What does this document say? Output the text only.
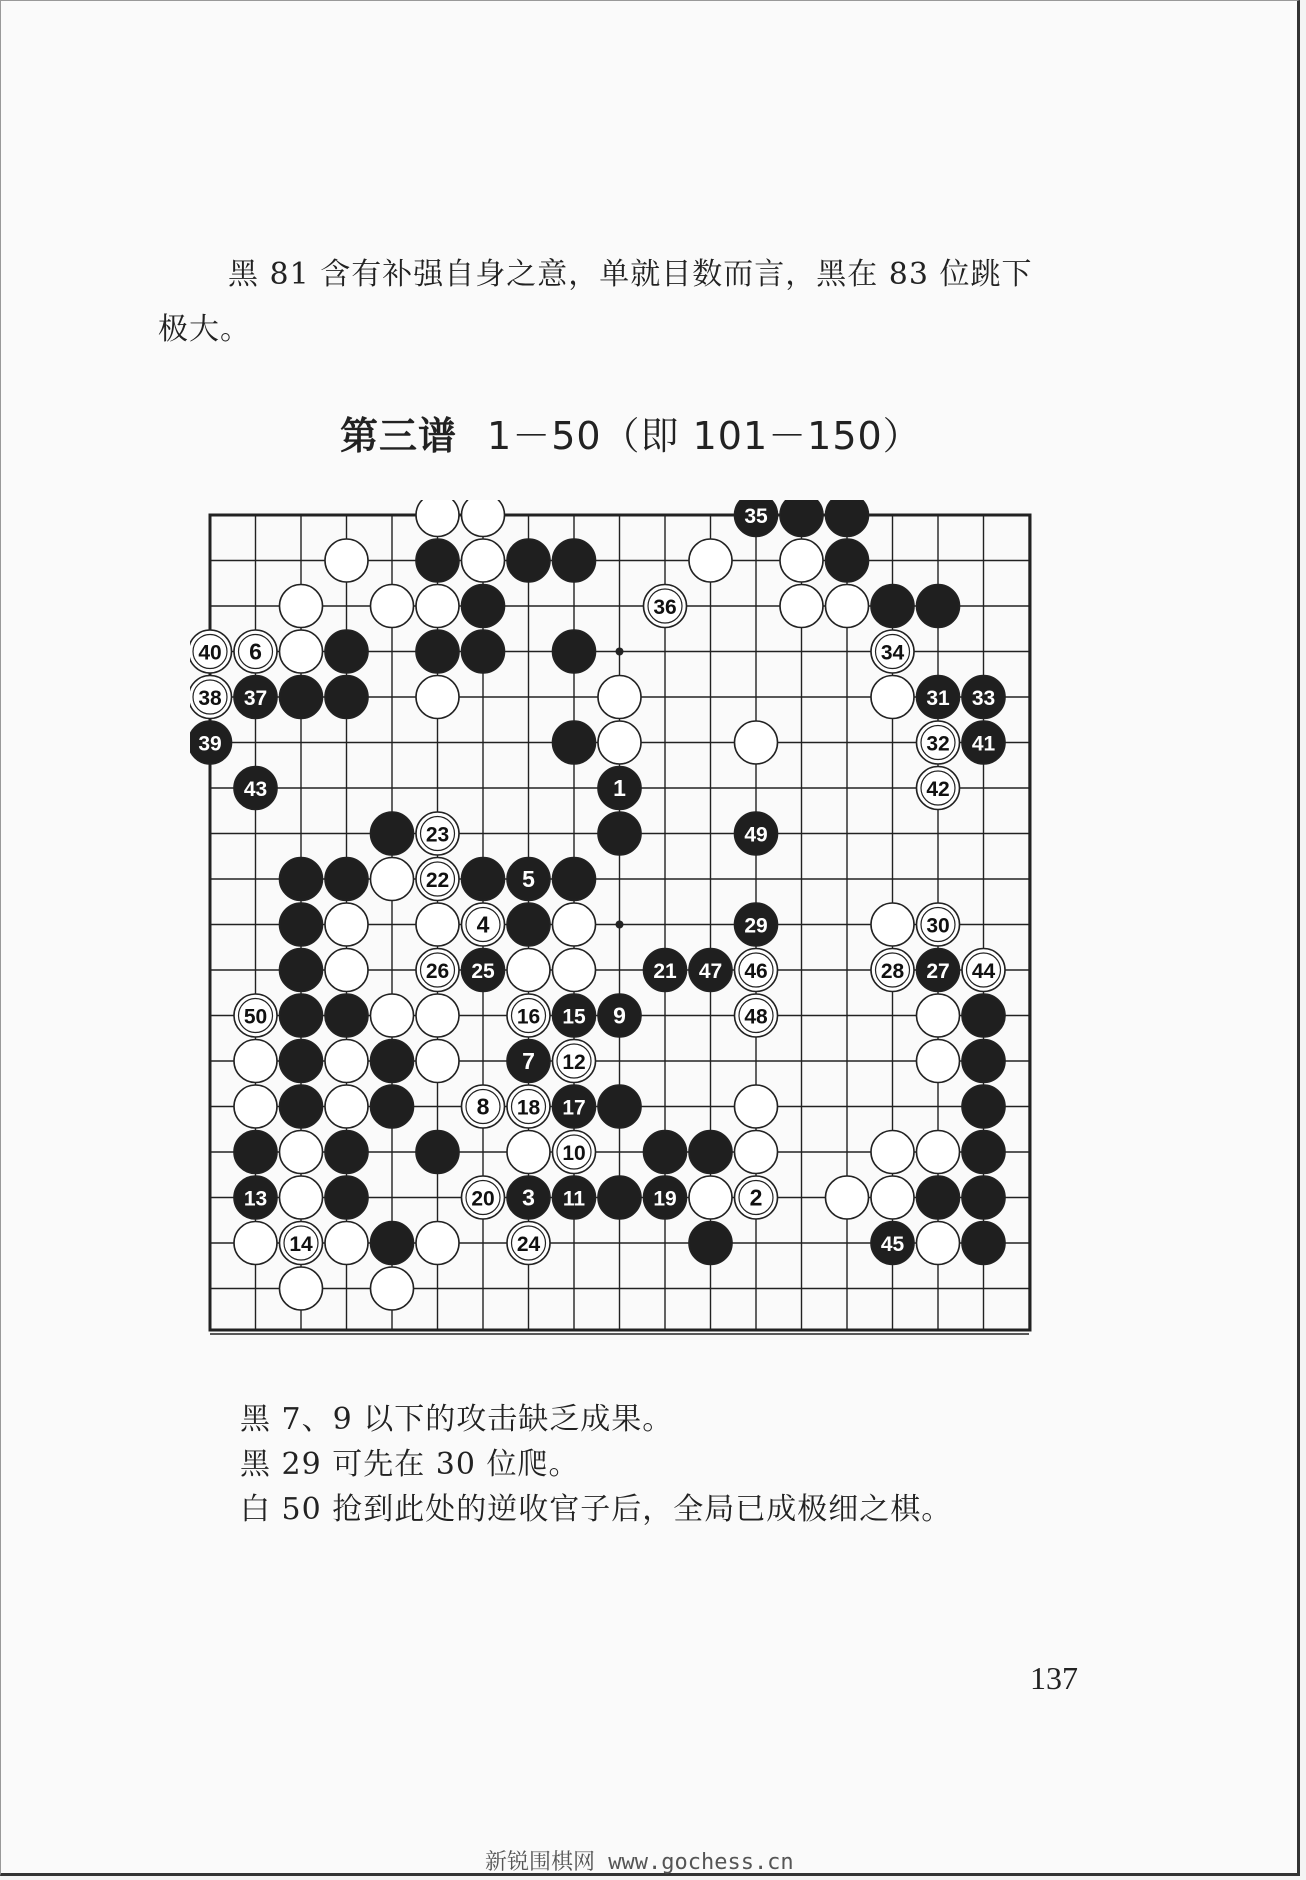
黑 81 含有补强自身之意，单就目数而言，黑在 83 位跳下
极大。
第三谱 1－50（即 101－150）
35
36
40 6	34
38 37	31 33
39	32 41
43	1	42
23	49
22	5
4	29	30
26 25	21 47 46	28 27 44
50	16 15 9	48
7 12
8 18 17
10
13	20 3 11	19	2
14	24	45
黑 7、9 以下的攻击缺乏成果。
黑 29 可先在 30 位爬。
白 50 抢到此处的逆收官子后，全局已成极细之棋。
137
新锐围棋网 www.gochess.cn
